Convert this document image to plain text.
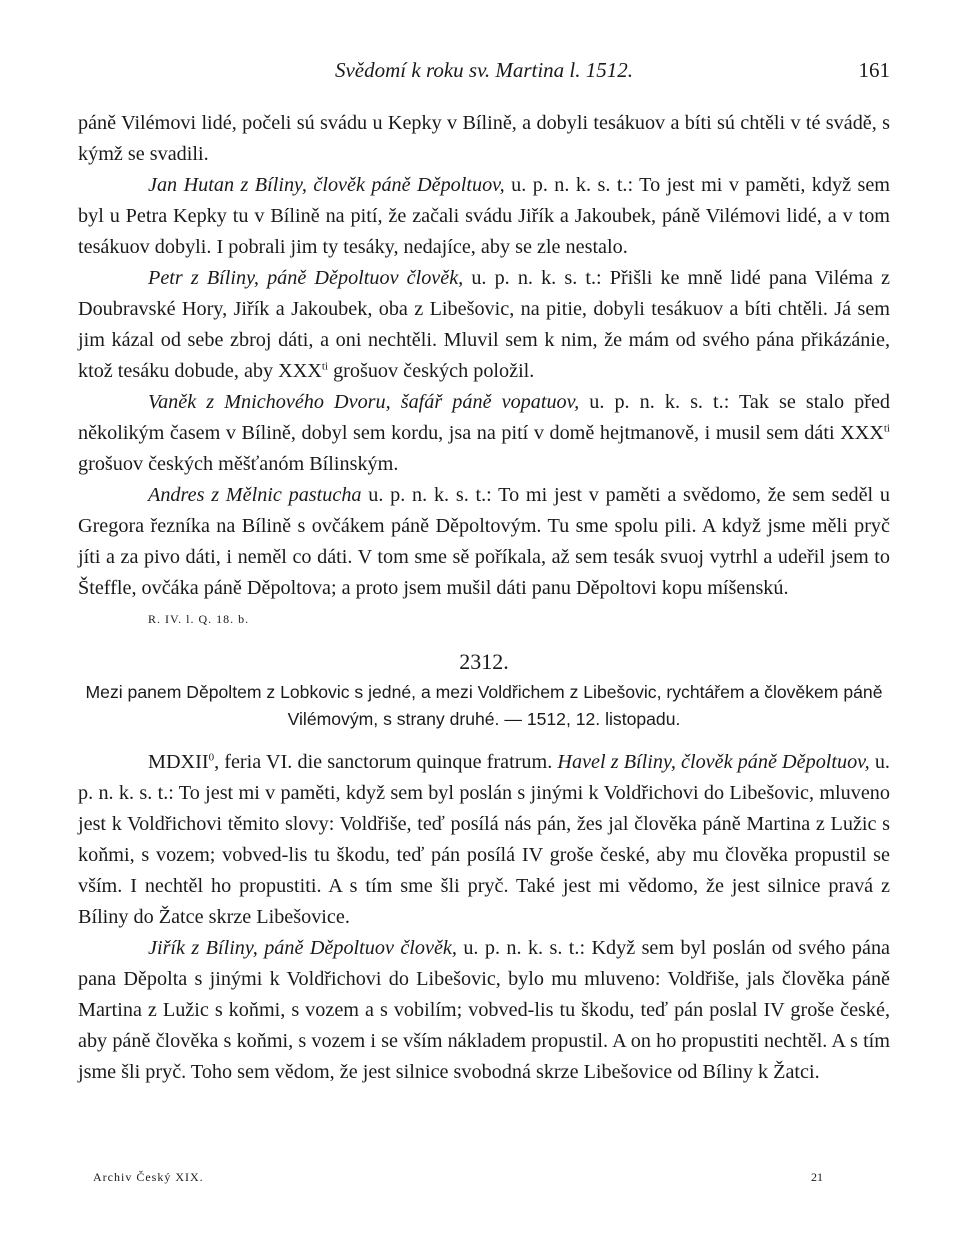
Svědomí k roku sv. Martina l. 1512.	161

páně Vilémovi lidé, počeli sú svádu u Kepky v Bílině, a dobyli tesákuov a bíti sú chtěli v té svádě, s kýmž se svadili.

Jan Hutan z Bíliny, člověk páně Děpoltuov, u. p. n. k. s. t.: To jest mi v paměti, když sem byl u Petra Kepky tu v Bílině na pití, že začali svádu Jiřík a Jakoubek, páně Vilémovi lidé, a v tom tesákuov dobyli. I pobrali jim ty tesáky, nedajíce, aby se zle nestalo.

Petr z Bíliny, páně Děpoltuov člověk, u. p. n. k. s. t.: Přišli ke mně lidé pana Viléma z Doubravské Hory, Jiřík a Jakoubek, oba z Libešovic, na pitie, dobyli tesákuov a bíti chtěli. Já sem jim kázal od sebe zbroj dáti, a oni nechtěli. Mluvil sem k nim, že mám od svého pána přikázánie, ktož tesáku dobude, aby $XXX^{ti}$ grošuov českých položil.

Vaněk z Mnichového Dvoru, šafář páně vopatuov, u. p. n. k. s. t.: Tak se stalo před několikým časem v Bílině, dobyl sem kordu, jsa na pití v domě hejtmanově, i musil sem dáti $XXX^{ti}$ grošuov českých měšťanóm Bílinským.

Andres z Mělnic pastucha u. p. n. k. s. t.: To mi jest v paměti a svědomo, že sem seděl u Gregora řezníka na Bílině s ovčákem páně Děpoltovým. Tu sme spolu pili. A když jsme měli pryč jíti a za pivo dáti, i neměl co dáti. V tom sme sě poříkala, až sem tesák svuoj vytrhl a udeřil jsem to Šteffle, ovčáka páně Děpoltova; a proto jsem mušil dáti panu Děpoltovi kopu míšenskú.

R. IV. l. Q. 18. b.
2312.
Mezi panem Děpoltem z Lobkovic s jedné, a mezi Voldřichem z Libešovic, rychtářem a člověkem páně Vilémovým, s strany druhé. — 1512, 12. listopadu.

MDXII$^0$, feria VI. die sanctorum quinque fratrum. Havel z Bíliny, člověk páně Děpoltuov, u. p. n. k. s. t.: To jest mi v paměti, když sem byl poslán s jinými k Voldřichovi do Libešovic, mluveno jest k Voldřichovi těmito slovy: Voldřiše, teď posílá nás pán, žes jal člověka páně Martina z Lužic s koňmi, s vozem; vobved-lis tu škodu, teď pán posílá IV groše české, aby mu člověka propustil se vším. I nechtěl ho propustiti. A s tím sme šli pryč. Také jest mi vědomo, že jest silnice pravá z Bíliny do Žatce skrze Libešovice.

Jiřík z Bíliny, páně Děpoltuov člověk, u. p. n. k. s. t.: Když sem byl poslán od svého pána pana Děpolta s jinými k Voldřichovi do Libešovic, bylo mu mluveno: Voldřiše, jals člověka páně Martina z Lužic s koňmi, s vozem a s vobilím; vobved-lis tu škodu, teď pán poslal IV groše české, aby páně člověka s koňmi, s vozem i se vším nákladem propustil. A on ho propustiti nechtěl. A s tím jsme šli pryč. Toho sem vědom, že jest silnice svobodná skrze Libešovice od Bíliny k Žatci.

Archiv Český XIX.	21
